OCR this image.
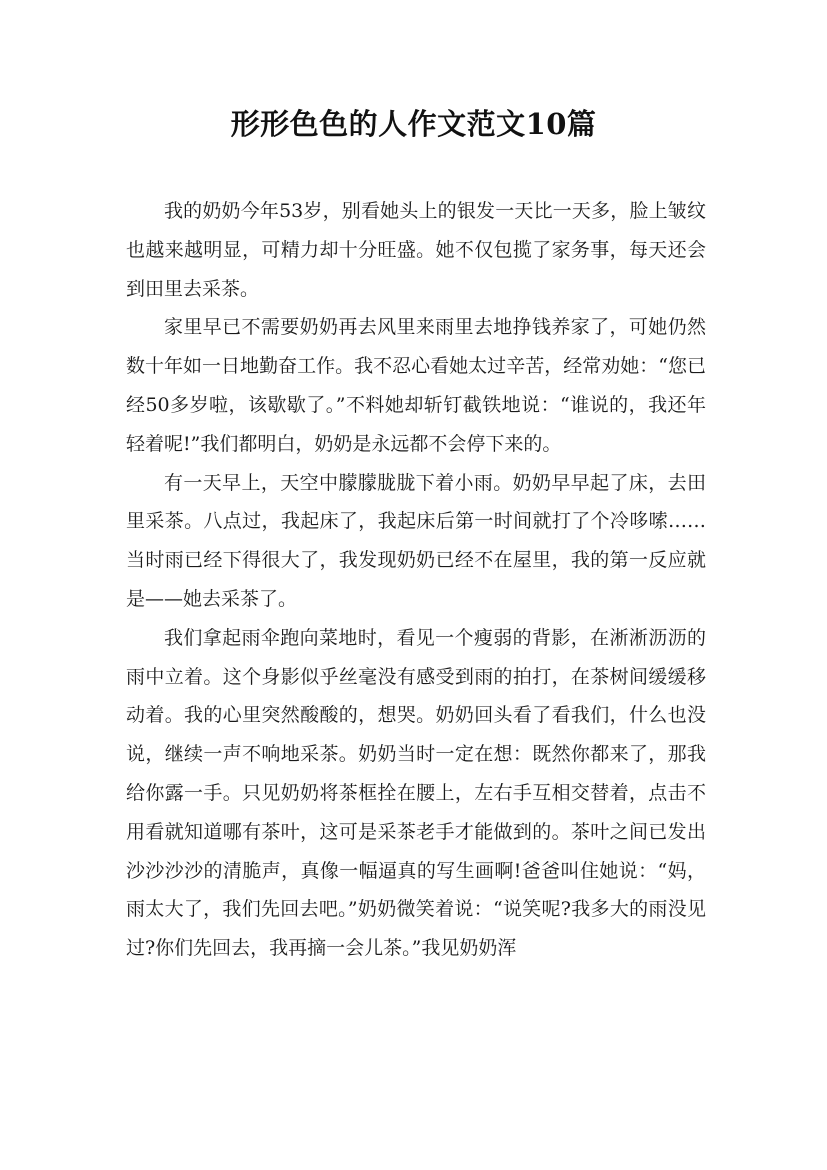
形形色色的人作文范文10篇

我的奶奶今年53岁，别看她头上的银发一天比一天多，脸上皱纹也越来越明显，可精力却十分旺盛。她不仅包揽了家务事，每天还会到田里去采茶。

家里早已不需要奶奶再去风里来雨里去地挣钱养家了，可她仍然数十年如一日地勤奋工作。我不忍心看她太过辛苦，经常劝她：“您已经50多岁啦，该歇歇了。”不料她却斩钉截铁地说：“谁说的，我还年轻着呢!”我们都明白，奶奶是永远都不会停下来的。

有一天早上，天空中朦朦胧胧下着小雨。奶奶早早起了床，去田里采茶。八点过，我起床了，我起床后第一时间就打了个冷哆嗦……当时雨已经下得很大了，我发现奶奶已经不在屋里，我的第一反应就是——她去采茶了。

我们拿起雨伞跑向菜地时，看见一个瘦弱的背影，在淅淅沥沥的雨中立着。这个身影似乎丝毫没有感受到雨的拍打，在茶树间缓缓移动着。我的心里突然酸酸的，想哭。奶奶回头看了看我们，什么也没说，继续一声不响地采茶。奶奶当时一定在想：既然你都来了，那我给你露一手。只见奶奶将茶框拴在腰上，左右手互相交替着，点击不用看就知道哪有茶叶，这可是采茶老手才能做到的。茶叶之间已发出沙沙沙沙的清脆声，真像一幅逼真的写生画啊!爸爸叫住她说：“妈，雨太大了，我们先回去吧。”奶奶微笑着说：“说笑呢?我多大的雨没见过?你们先回去，我再摘一会儿茶。”我见奶奶浑
